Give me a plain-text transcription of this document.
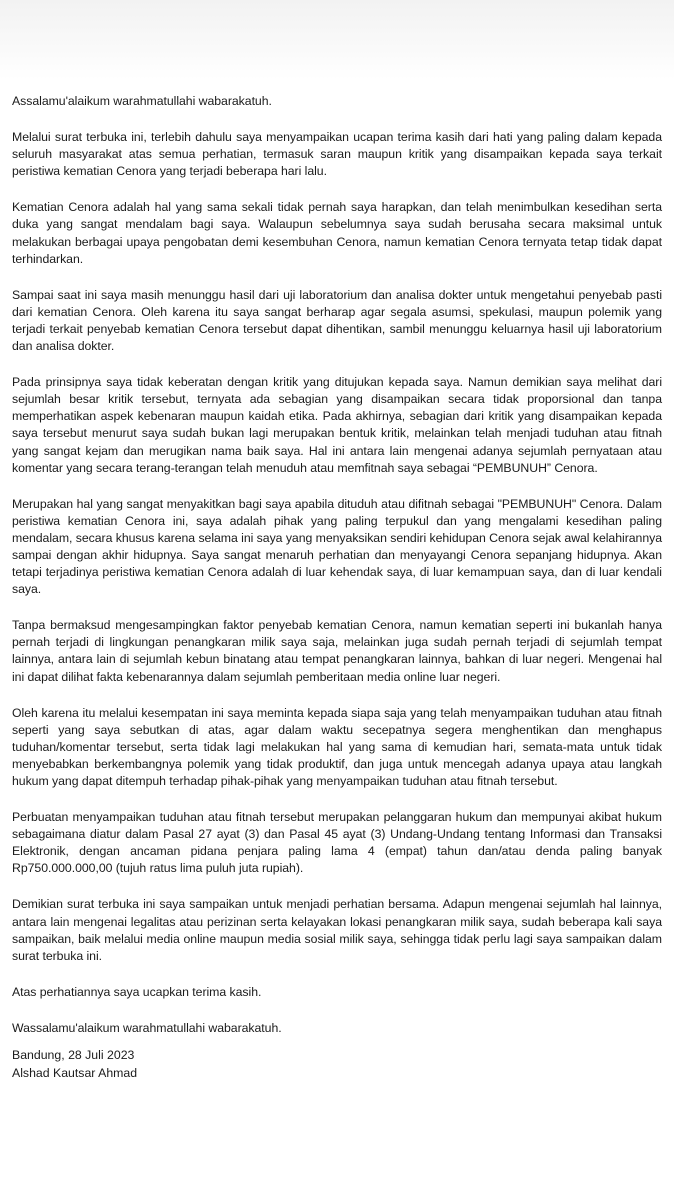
Assalamu'alaikum warahmatullahi wabarakatuh.

Melalui surat terbuka ini, terlebih dahulu saya menyampaikan ucapan terima kasih dari hati yang paling dalam kepada seluruh masyarakat atas semua perhatian, termasuk saran maupun kritik yang disampaikan kepada saya terkait peristiwa kematian Cenora yang terjadi beberapa hari lalu.

Kematian Cenora adalah hal yang sama sekali tidak pernah saya harapkan, dan telah menimbulkan kesedihan serta duka yang sangat mendalam bagi saya. Walaupun sebelumnya saya sudah berusaha secara maksimal untuk melakukan berbagai upaya pengobatan demi kesembuhan Cenora, namun kematian Cenora ternyata tetap tidak dapat terhindarkan.

Sampai saat ini saya masih menunggu hasil dari uji laboratorium dan analisa dokter untuk mengetahui penyebab pasti dari kematian Cenora. Oleh karena itu saya sangat berharap agar segala asumsi, spekulasi, maupun polemik yang terjadi terkait penyebab kematian Cenora tersebut dapat dihentikan, sambil menunggu keluarnya hasil uji laboratorium dan analisa dokter.

Pada prinsipnya saya tidak keberatan dengan kritik yang ditujukan kepada saya. Namun demikian saya melihat dari sejumlah besar kritik tersebut, ternyata ada sebagian yang disampaikan secara tidak proporsional dan tanpa memperhatikan aspek kebenaran maupun kaidah etika. Pada akhirnya, sebagian dari kritik yang disampaikan kepada saya tersebut menurut saya sudah bukan lagi merupakan bentuk kritik, melainkan telah menjadi tuduhan atau fitnah yang sangat kejam dan merugikan nama baik saya. Hal ini antara lain mengenai adanya sejumlah pernyataan atau komentar yang secara terang-terangan telah menuduh atau memfitnah saya sebagai “PEMBUNUH” Cenora.

Merupakan hal yang sangat menyakitkan bagi saya apabila dituduh atau difitnah sebagai "PEMBUNUH" Cenora. Dalam peristiwa kematian Cenora ini, saya adalah pihak yang paling terpukul dan yang mengalami kesedihan paling mendalam, secara khusus karena selama ini saya yang menyaksikan sendiri kehidupan Cenora sejak awal kelahirannya sampai dengan akhir hidupnya. Saya sangat menaruh perhatian dan menyayangi Cenora sepanjang hidupnya. Akan tetapi terjadinya peristiwa kematian Cenora adalah di luar kehendak saya, di luar kemampuan saya, dan di luar kendali saya.

Tanpa bermaksud mengesampingkan faktor penyebab kematian Cenora, namun kematian seperti ini bukanlah hanya pernah terjadi di lingkungan penangkaran milik saya saja, melainkan juga sudah pernah terjadi di sejumlah tempat lainnya, antara lain di sejumlah kebun binatang atau tempat penangkaran lainnya, bahkan di luar negeri. Mengenai hal ini dapat dilihat fakta kebenarannya dalam sejumlah pemberitaan media online luar negeri.

Oleh karena itu melalui kesempatan ini saya meminta kepada siapa saja yang telah menyampaikan tuduhan atau fitnah seperti yang saya sebutkan di atas, agar dalam waktu secepatnya segera menghentikan dan menghapus tuduhan/komentar tersebut, serta tidak lagi melakukan hal yang sama di kemudian hari, semata-mata untuk tidak menyebabkan berkembangnya polemik yang tidak produktif, dan juga untuk mencegah adanya upaya atau langkah hukum yang dapat ditempuh terhadap pihak-pihak yang menyampaikan tuduhan atau fitnah tersebut.

Perbuatan menyampaikan tuduhan atau fitnah tersebut merupakan pelanggaran hukum dan mempunyai akibat hukum sebagaimana diatur dalam Pasal 27 ayat (3) dan Pasal 45 ayat (3) Undang-Undang tentang Informasi dan Transaksi Elektronik, dengan ancaman pidana penjara paling lama 4 (empat) tahun dan/atau denda paling banyak Rp750.000.000,00 (tujuh ratus lima puluh juta rupiah).

Demikian surat terbuka ini saya sampaikan untuk menjadi perhatian bersama. Adapun mengenai sejumlah hal lainnya, antara lain mengenai legalitas atau perizinan serta kelayakan lokasi penangkaran milik saya, sudah beberapa kali saya sampaikan, baik melalui media online maupun media sosial milik saya, sehingga tidak perlu lagi saya sampaikan dalam surat terbuka ini.

Atas perhatiannya saya ucapkan terima kasih.

Wassalamu'alaikum warahmatullahi wabarakatuh.

Bandung, 28 Juli 2023
Alshad Kautsar Ahmad
